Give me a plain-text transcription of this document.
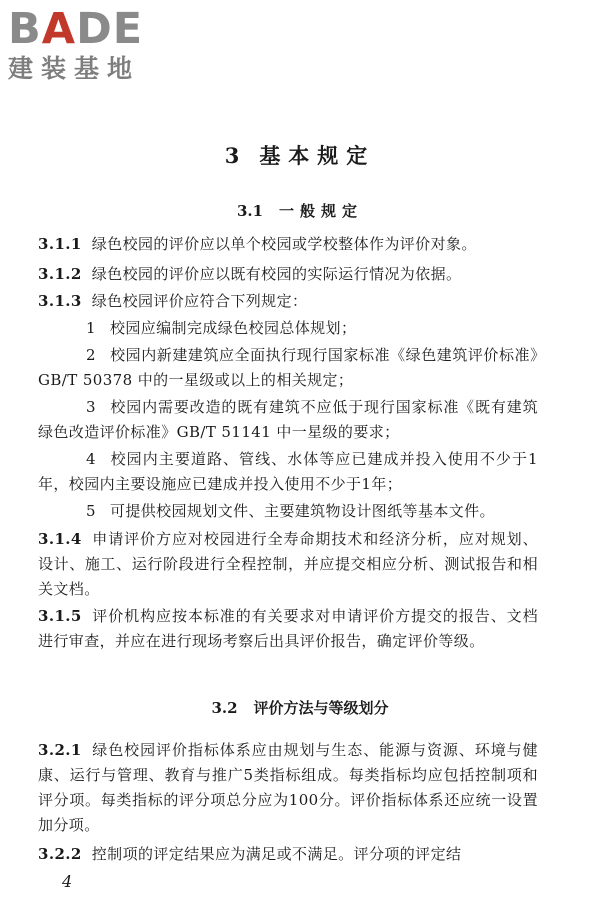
BADE
建装基地
3 基本规定
3.1 一般规定
3.1.1 绿色校园的评价应以单个校园或学校整体作为评价对象。
3.1.2 绿色校园的评价应以既有校园的实际运行情况为依据。
3.1.3 绿色校园评价应符合下列规定：
1 校园应编制完成绿色校园总体规划；
2 校园内新建建筑应全面执行现行国家标准《绿色建筑评价标准》GB/T 50378 中的一星级或以上的相关规定；
3 校园内需要改造的既有建筑不应低于现行国家标准《既有建筑绿色改造评价标准》GB/T 51141 中一星级的要求；
4 校园内主要道路、管线、水体等应已建成并投入使用不少于1年，校园内主要设施应已建成并投入使用不少于1年；
5 可提供校园规划文件、主要建筑物设计图纸等基本文件。
3.1.4 申请评价方应对校园进行全寿命期技术和经济分析，应对规划、设计、施工、运行阶段进行全程控制，并应提交相应分析、测试报告和相关文档。
3.1.5 评价机构应按本标准的有关要求对申请评价方提交的报告、文档进行审查，并应在进行现场考察后出具评价报告，确定评价等级。
3.2 评价方法与等级划分
3.2.1 绿色校园评价指标体系应由规划与生态、能源与资源、环境与健康、运行与管理、教育与推广5类指标组成。每类指标均应包括控制项和评分项。每类指标的评分项总分应为100分。评价指标体系还应统一设置加分项。
3.2.2 控制项的评定结果应为满足或不满足。评分项的评定结
4
